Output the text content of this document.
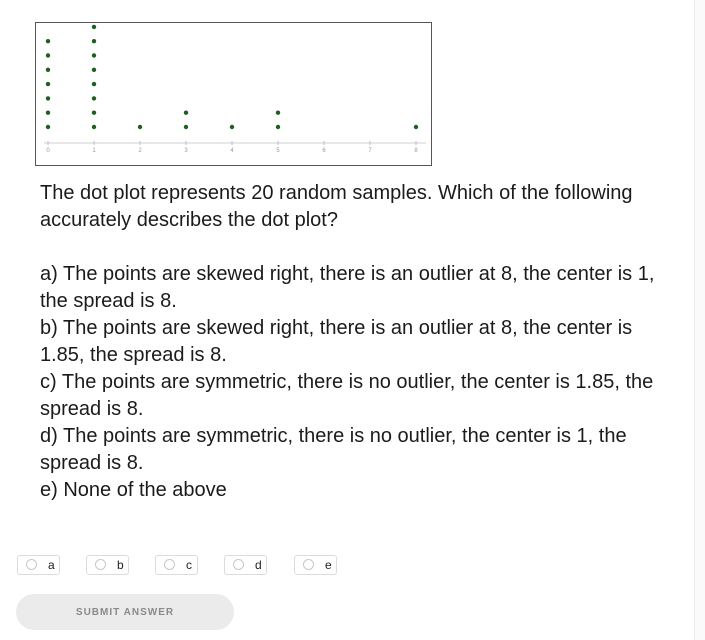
0	1	2	3	4	5	6	7	8

The dot plot represents 20 random samples. Which of the following accurately describes the dot plot?

a) The points are skewed right, there is an outlier at 8, the center is 1, the spread is 8.
b) The points are skewed right, there is an outlier at 8, the center is 1.85, the spread is 8.
c) The points are symmetric, there is no outlier, the center is 1.85, the spread is 8.
d) The points are symmetric, there is no outlier, the center is 1, the spread is 8.
e) None of the above
a	b	c	d	e
SUBMIT ANSWER
